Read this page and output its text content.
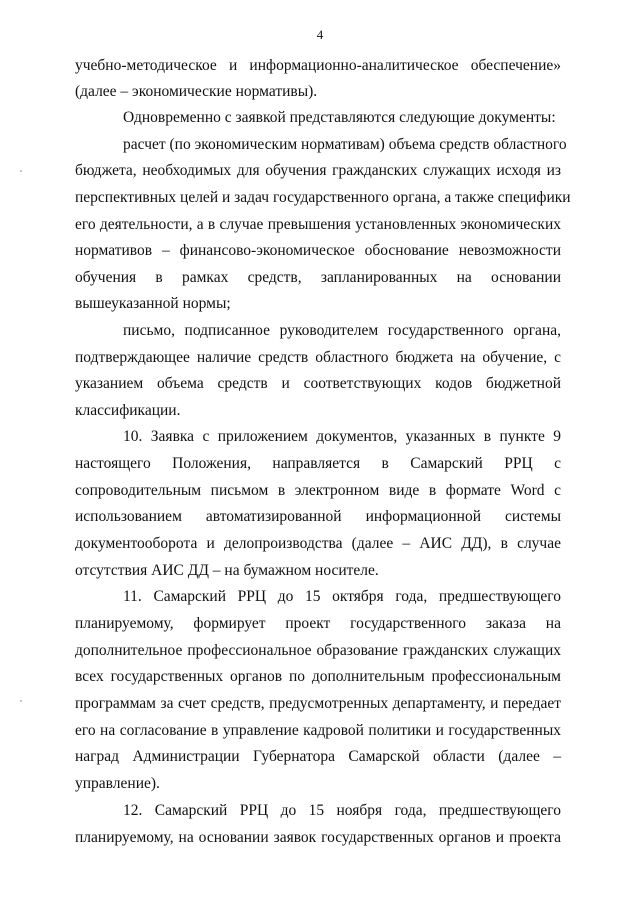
4
учебно-методическое и информационно-аналитическое обеспечение»
(далее – экономические нормативы).
Одновременно с заявкой представляются следующие документы:
расчет (по экономическим нормативам) объема средств областного
бюджета, необходимых для обучения гражданских служащих исходя из
перспективных целей и задач государственного органа, а также специфики
его деятельности, а в случае превышения установленных экономических
нормативов – финансово-экономическое обоснование невозможности
обучения в рамках средств, запланированных на основании
вышеуказанной нормы;
письмо, подписанное руководителем государственного органа,
подтверждающее наличие средств областного бюджета на обучение, с
указанием объема средств и соответствующих кодов бюджетной
классификации.
10. Заявка с приложением документов, указанных в пункте 9
настоящего Положения, направляется в Самарский РРЦ с
сопроводительным письмом в электронном виде в формате Word с
использованием автоматизированной информационной системы
документооборота и делопроизводства (далее – АИС ДД), в случае
отсутствия АИС ДД – на бумажном носителе.
11. Самарский РРЦ до 15 октября года, предшествующего
планируемому, формирует проект государственного заказа на
дополнительное профессиональное образование гражданских служащих
всех государственных органов по дополнительным профессиональным
программам за счет средств, предусмотренных департаменту, и передает
его на согласование в управление кадровой политики и государственных
наград Администрации Губернатора Самарской области (далее –
управление).
12. Самарский РРЦ до 15 ноября года, предшествующего
планируемому, на основании заявок государственных органов и проекта
